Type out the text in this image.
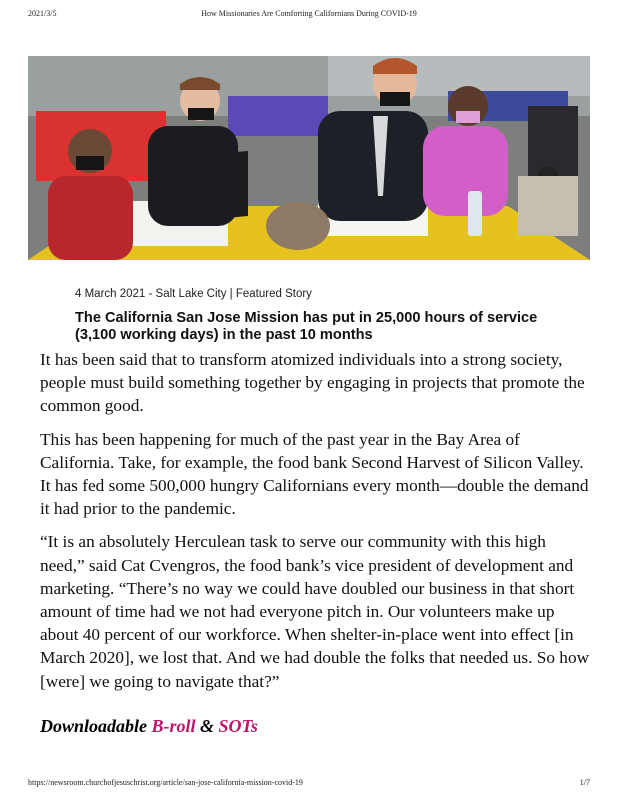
2021/3/5	How Missionaries Are Comforting Californians During COVID-19
4 March 2021 - Salt Lake City | Featured Story
The California San Jose Mission has put in 25,000 hours of service (3,100 working days) in the past 10 months

It has been said that to transform atomized individuals into a strong society, people must build something together by engaging in projects that promote the common good.

This has been happening for much of the past year in the Bay Area of California. Take, for example, the food bank Second Harvest of Silicon Valley. It has fed some 500,000 hungry Californians every month—double the demand it had prior to the pandemic.

“It is an absolutely Herculean task to serve our community with this high need,” said Cat Cvengros, the food bank’s vice president of development and marketing. “There’s no way we could have doubled our business in that short amount of time had we not had everyone pitch in. Our volunteers make up about 40 percent of our workforce. When shelter-in-place went into effect [in March 2020], we lost that. And we had double the folks that needed us. So how [were] we going to navigate that?”

Downloadable B-roll & SOTs
https://newsroom.churchofjesuschrist.org/article/san-jose-california-mission-covid-19	1/7
